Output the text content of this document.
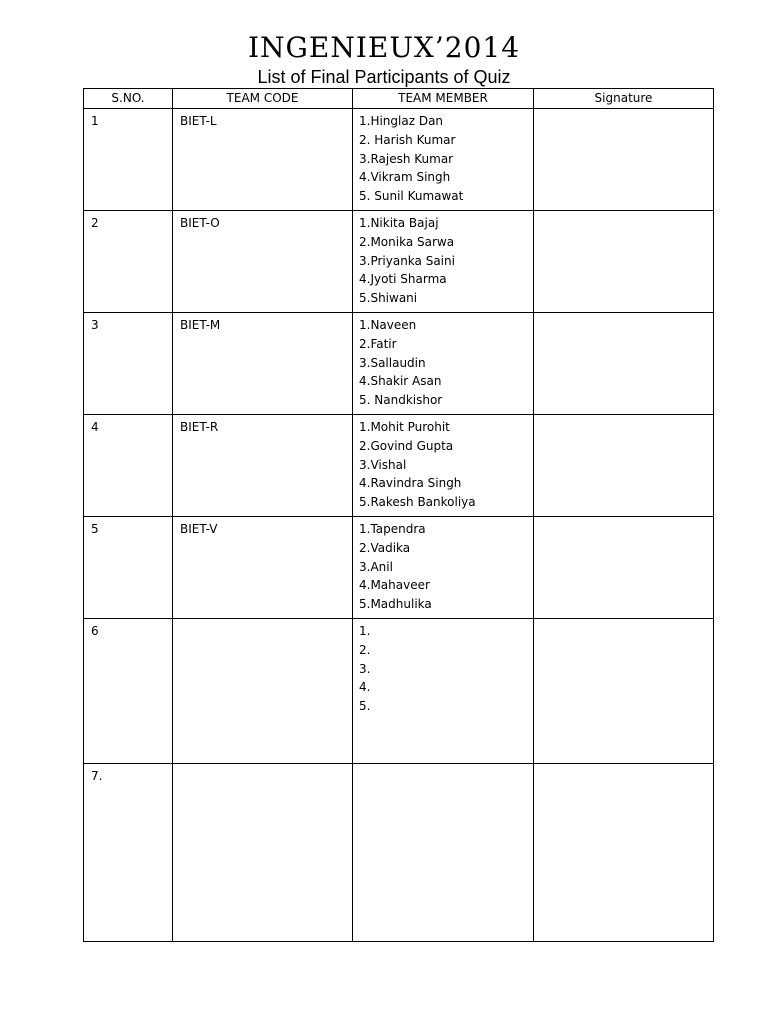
INGENIEUX’2014
List of Final Participants of Quiz
S.NO.	TEAM CODE	TEAM MEMBER	Signature
1	BIET-L	1.Hinglaz Dan
2. Harish Kumar
3.Rajesh Kumar
4.Vikram Singh
5. Sunil Kumawat	

2	BIET-O	1.Nikita Bajaj
2.Monika Sarwa
3.Priyanka Saini
4.Jyoti Sharma
5.Shiwani	

3	BIET-M	1.Naveen
2.Fatir
3.Sallaudin
4.Shakir Asan
5. Nandkishor	

4	BIET-R	1.Mohit Purohit
2.Govind Gupta
3.Vishal
4.Ravindra Singh
5.Rakesh Bankoliya	

5	BIET-V	1.Tapendra
2.Vadika
3.Anil
4.Mahaveer
5.Madhulika	

6		1.
2.
3.
4.
5.	

7.			
